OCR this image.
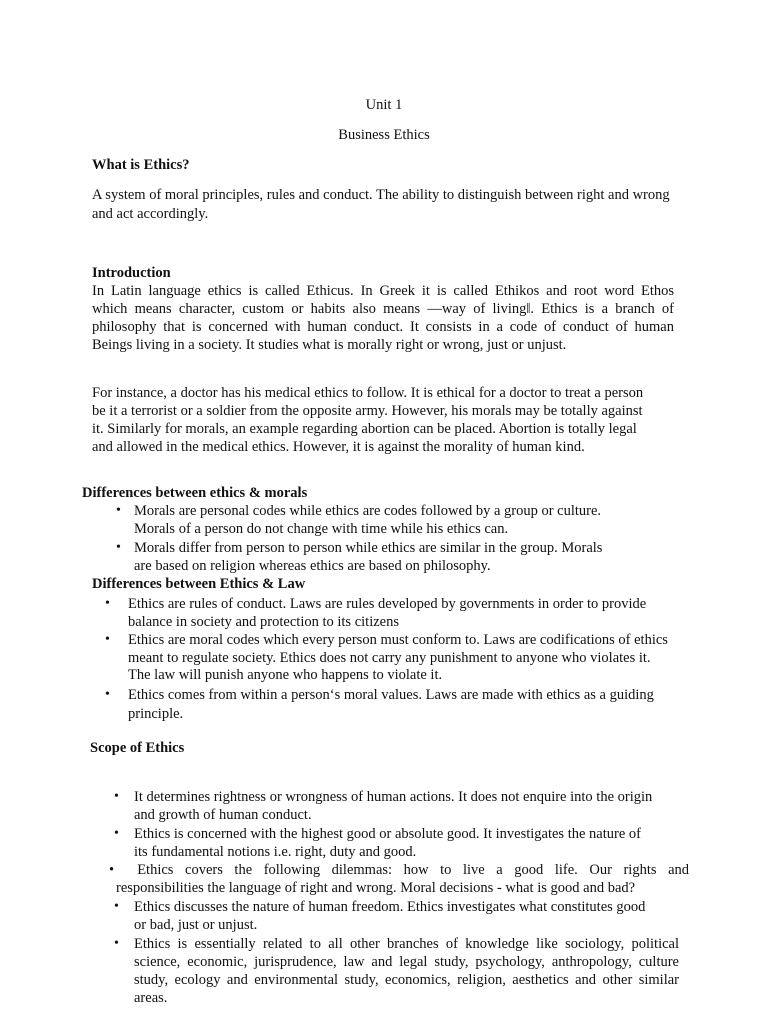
Unit 1
Business Ethics
What is Ethics?
A system of moral principles, rules and conduct. The ability to distinguish between right and wrong
and act accordingly.
Introduction
In Latin language ethics is called Ethicus. In Greek it is called Ethikos and root word Ethos
which means character, custom or habits also means —way of living‖. Ethics is a branch of
philosophy that is concerned with human conduct. It consists in a code of conduct of human
Beings living in a society. It studies what is morally right or wrong, just or unjust.
For instance, a doctor has his medical ethics to follow. It is ethical for a doctor to treat a person
be it a terrorist or a soldier from the opposite army. However, his morals may be totally against
it. Similarly for morals, an example regarding abortion can be placed. Abortion is totally legal
and allowed in the medical ethics. However, it is against the morality of human kind.
Differences between ethics & morals
• Morals are personal codes while ethics are codes followed by a group or culture.
Morals of a person do not change with time while his ethics can.
• Morals differ from person to person while ethics are similar in the group. Morals
are based on religion whereas ethics are based on philosophy.
Differences between Ethics & Law
• Ethics are rules of conduct. Laws are rules developed by governments in order to provide
balance in society and protection to its citizens
• Ethics are moral codes which every person must conform to. Laws are codifications of ethics
meant to regulate society. Ethics does not carry any punishment to anyone who violates it.
The law will punish anyone who happens to violate it.
• Ethics comes from within a person‘s moral values. Laws are made with ethics as a guiding
principle.
Scope of Ethics
• It determines rightness or wrongness of human actions. It does not enquire into the origin
and growth of human conduct.
• Ethics is concerned with the highest good or absolute good. It investigates the nature of
its fundamental notions i.e. right, duty and good.
• Ethics covers the following dilemmas: how to live a good life. Our rights and
responsibilities the language of right and wrong. Moral decisions - what is good and bad?
• Ethics discusses the nature of human freedom. Ethics investigates what constitutes good
or bad, just or unjust.
• Ethics is essentially related to all other branches of knowledge like sociology, political
science, economic, jurisprudence, law and legal study, psychology, anthropology, culture
study, ecology and environmental study, economics, religion, aesthetics and other similar
areas.
